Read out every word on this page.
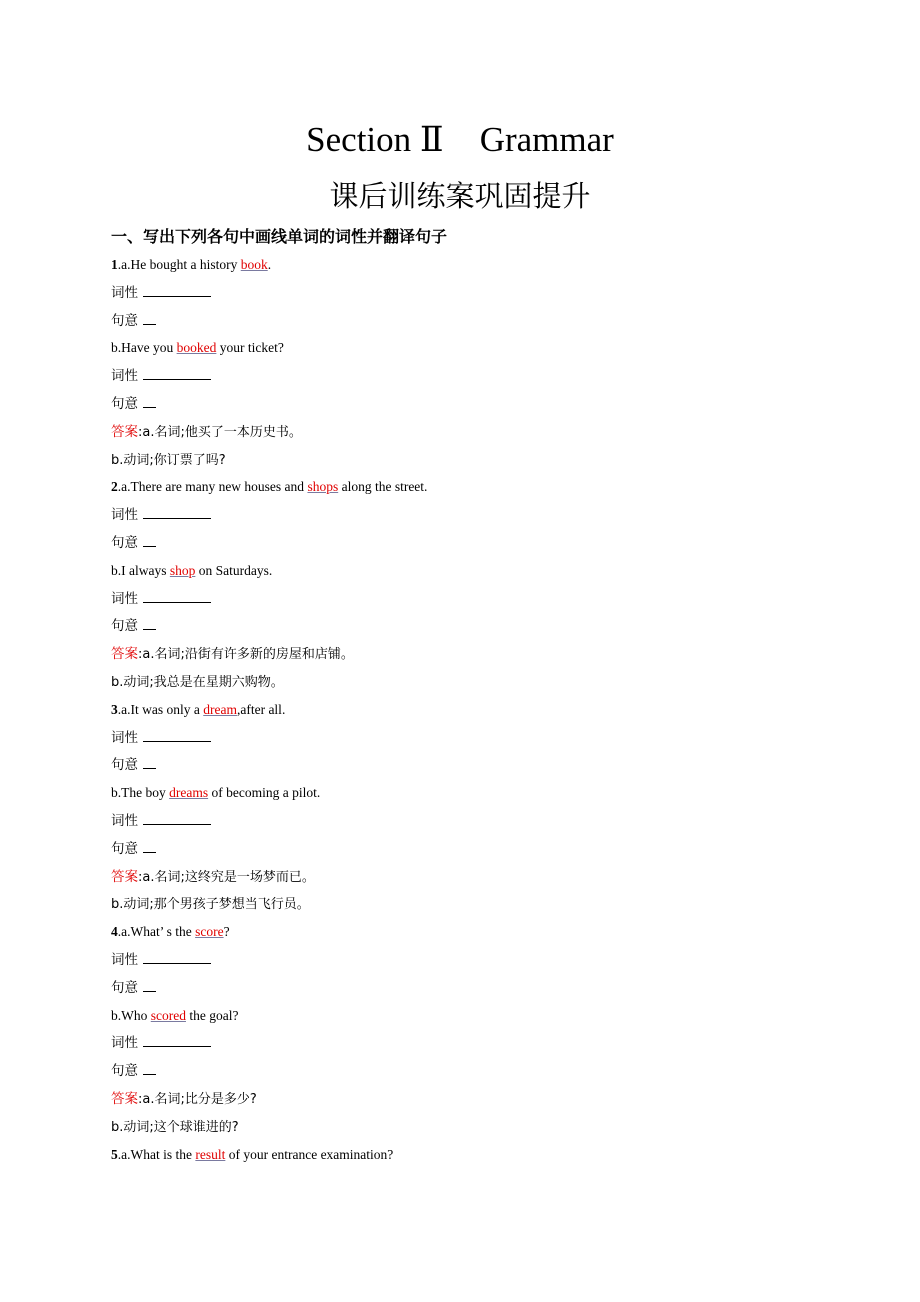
Section Ⅱ Grammar
课后训练案巩固提升
一、写出下列各句中画线单词的词性并翻译句子
1.a.He bought a history book.
词性
句意
b.Have you booked your ticket?
词性
句意
答案:a.名词;他买了一本历史书。
b.动词;你订票了吗?
2.a.There are many new houses and shops along the street.
词性
句意
b.I always shop on Saturdays.
词性
句意
答案:a.名词;沿街有许多新的房屋和店铺。
b.动词;我总是在星期六购物。
3.a.It was only a dream,after all.
词性
句意
b.The boy dreams of becoming a pilot.
词性
句意
答案:a.名词;这终究是一场梦而已。
b.动词;那个男孩子梦想当飞行员。
4.a.What’ s the score?
词性
句意
b.Who scored the goal?
词性
句意
答案:a.名词;比分是多少?
b.动词;这个球谁进的?
5.a.What is the result of your entrance examination?
